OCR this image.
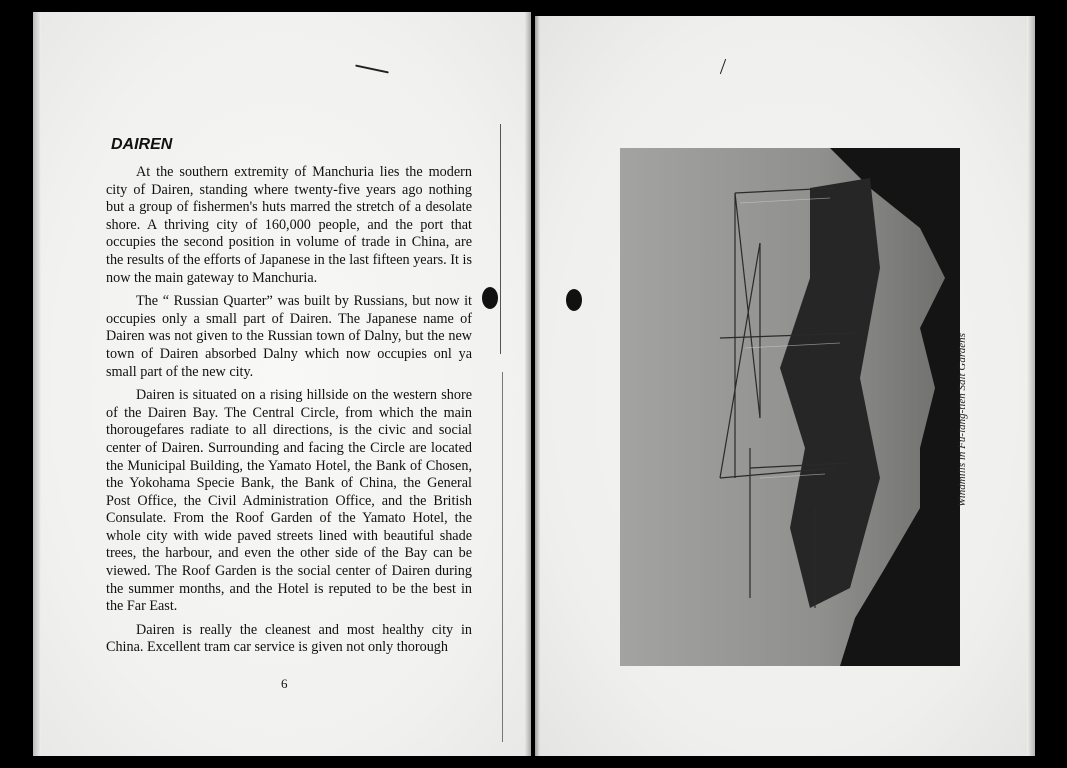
DAIREN

At the southern extremity of Manchuria lies the modern city of Dairen, standing where twenty-five years ago nothing but a group of fishermen's huts marred the stretch of a desolate shore. A thriving city of 160,000 people, and the port that occupies the second position in volume of trade in China, are the results of the efforts of Japanese in the last fifteen years. It is now the main gateway to Manchuria.

The “ Russian Quarter” was built by Russians, but now it occupies only a small part of Dairen. The Japanese name of Dairen was not given to the Russian town of Dalny, but the new town of Dairen absorbed Dalny which now occupies onl ya small part of the new city.

Dairen is situated on a rising hillside on the western shore of the Dairen Bay. The Central Circle, from which the main thorougefares radiate to all directions, is the civic and social center of Dairen. Surrounding and facing the Circle are located the Municipal Building, the Yamato Hotel, the Bank of Chosen, the Yokohama Specie Bank, the Bank of China, the General Post Office, the Civil Administration Office, and the British Consulate. From the Roof Garden of the Yamato Hotel, the whole city with wide paved streets lined with beautiful shade trees, the harbour, and even the other side of the Bay can be viewed. The Roof Garden is the social center of Dairen during the summer months, and the Hotel is reputed to be the best in the Far East.

Dairen is really the cleanest and most healthy city in China. Excellent tram car service is given not only thorough

6
Windmills in Fu-lang-tien Salt Gardens
